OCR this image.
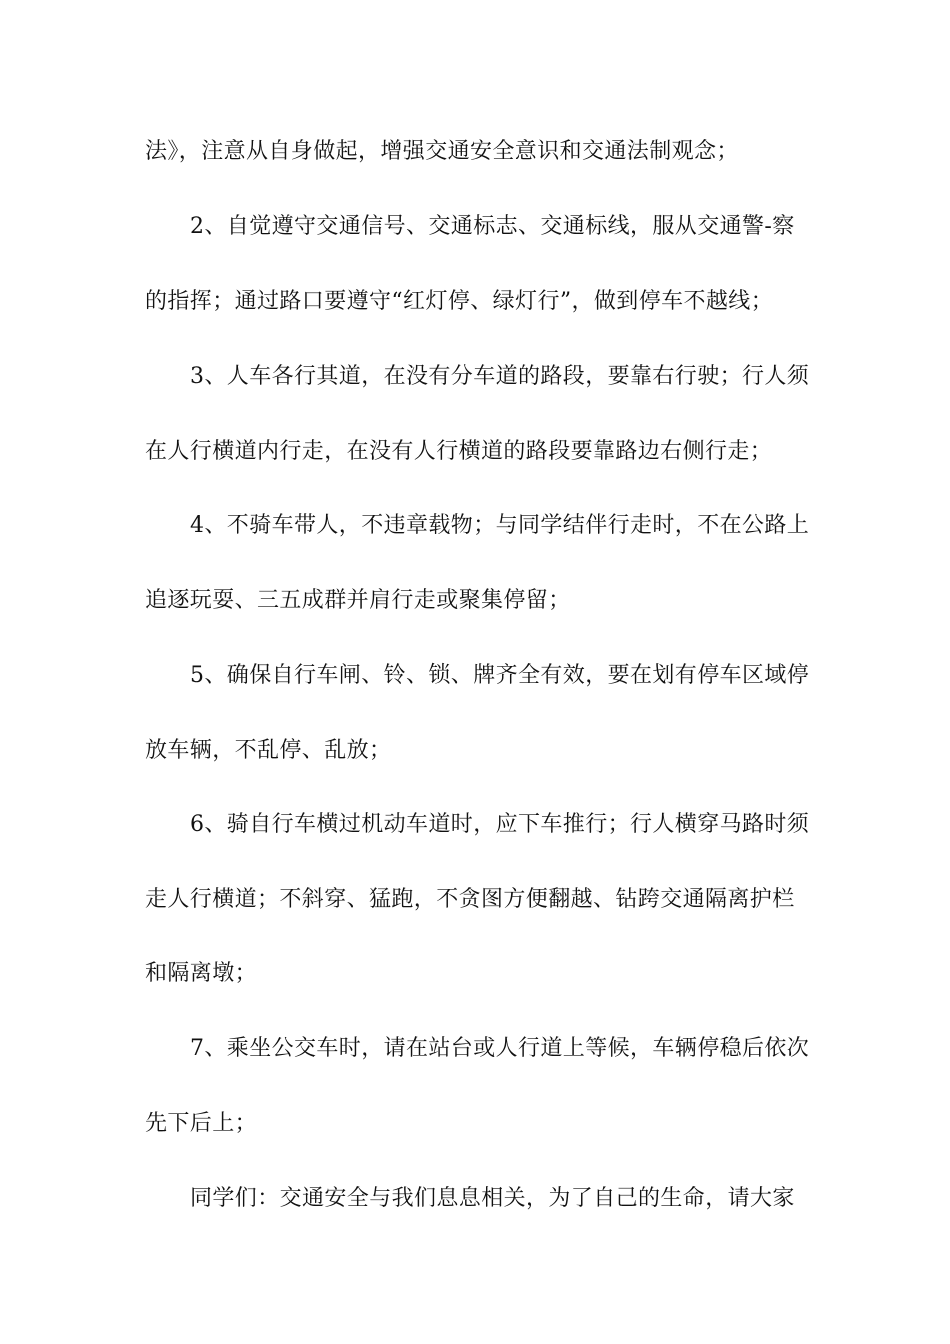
法》，注意从自身做起，增强交通安全意识和交通法制观念；
2、自觉遵守交通信号、交通标志、交通标线，服从交通警-察
的指挥；通过路口要遵守“红灯停、绿灯行”，做到停车不越线；
3、人车各行其道，在没有分车道的路段，要靠右行驶；行人须
在人行横道内行走，在没有人行横道的路段要靠路边右侧行走；
4、不骑车带人，不违章载物；与同学结伴行走时，不在公路上
追逐玩耍、三五成群并肩行走或聚集停留；
5、确保自行车闸、铃、锁、牌齐全有效，要在划有停车区域停
放车辆，不乱停、乱放；
6、骑自行车横过机动车道时，应下车推行；行人横穿马路时须
走人行横道；不斜穿、猛跑，不贪图方便翻越、钻跨交通隔离护栏
和隔离墩；
7、乘坐公交车时，请在站台或人行道上等候，车辆停稳后依次
先下后上；
同学们：交通安全与我们息息相关，为了自己的生命，请大家
